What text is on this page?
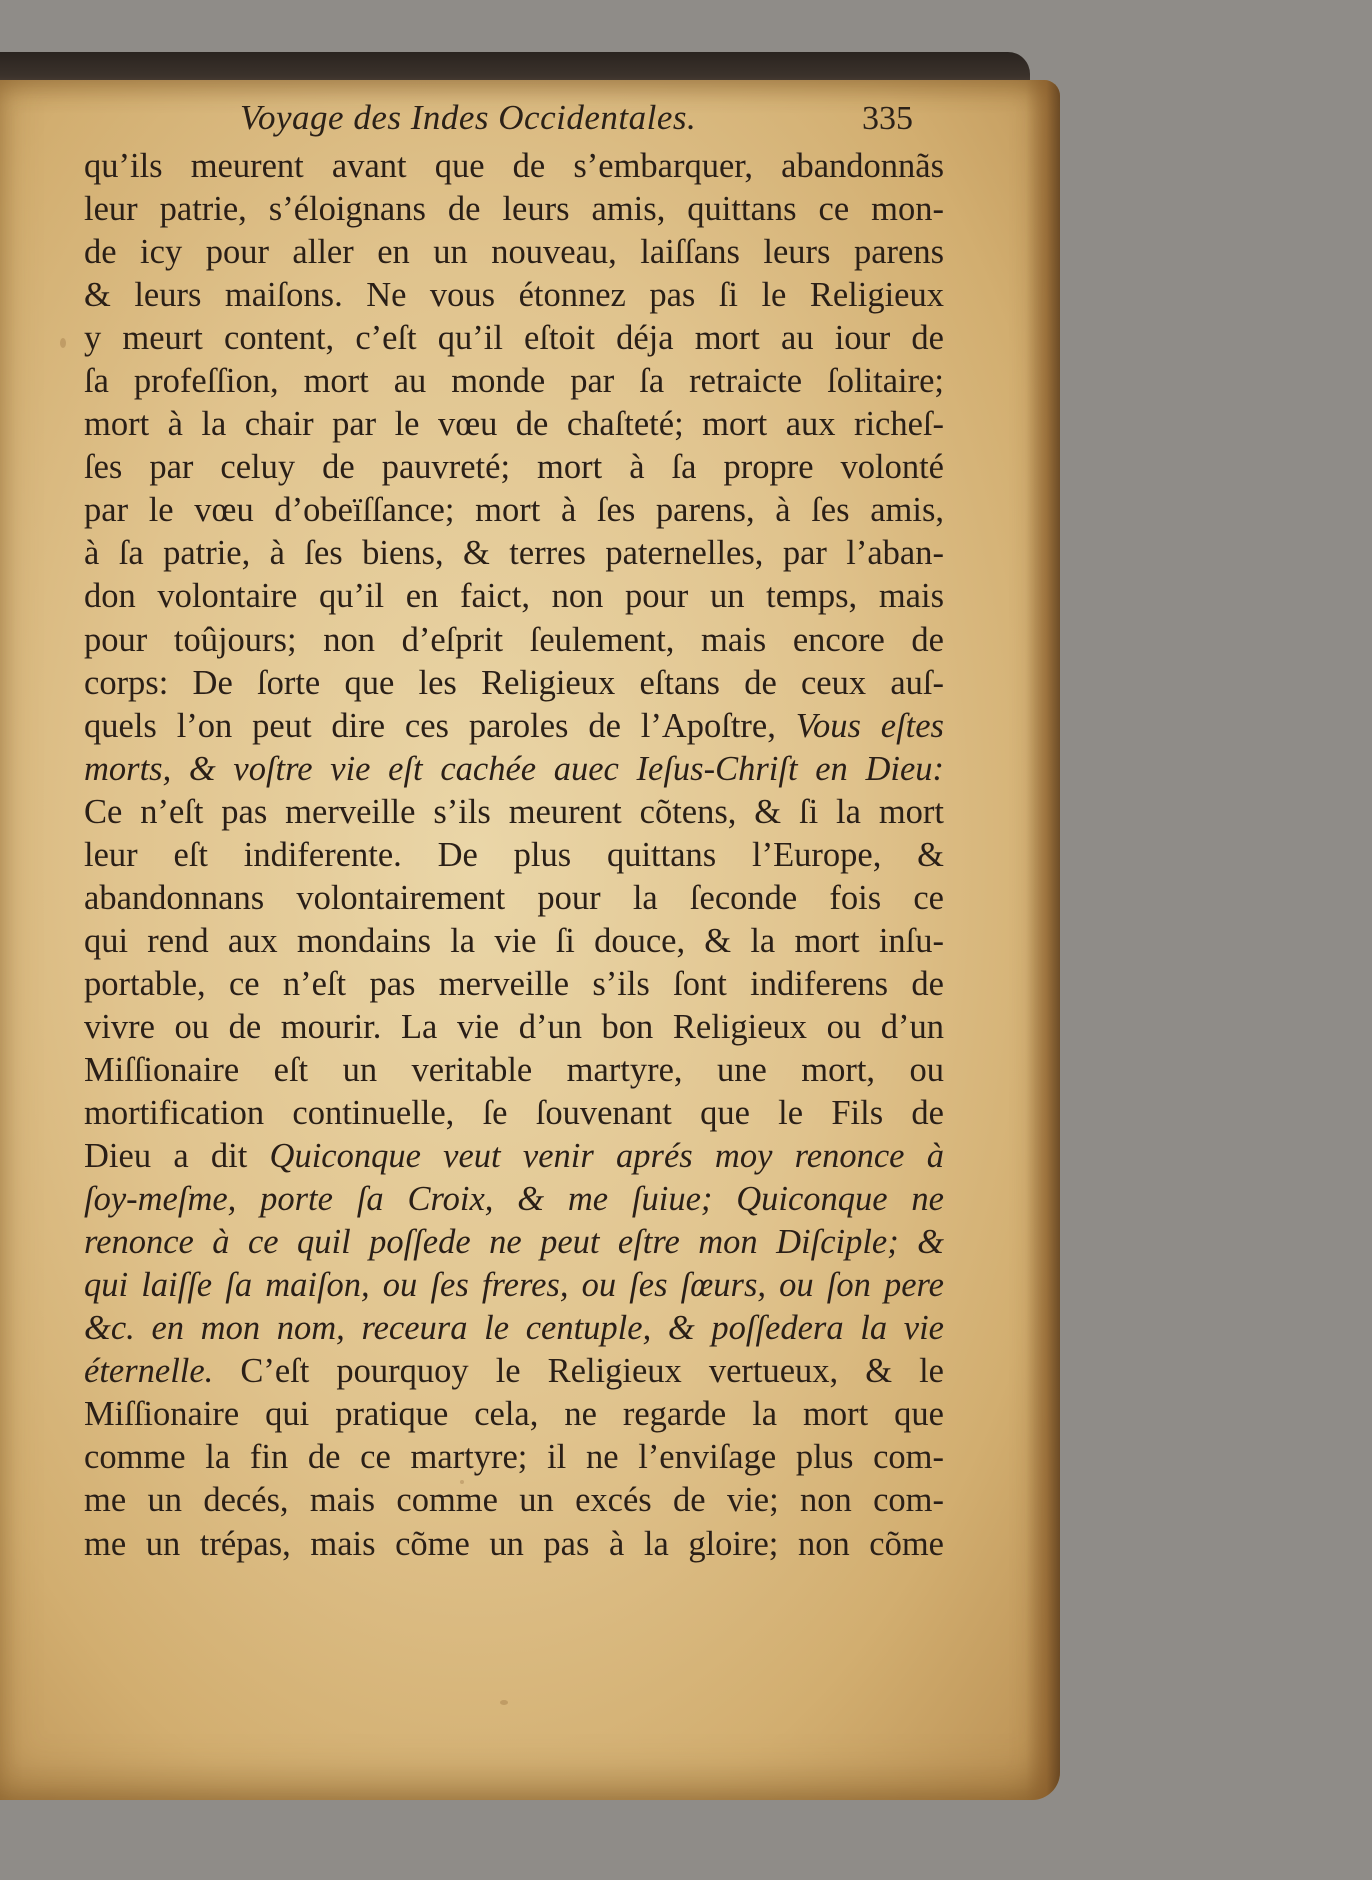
Voyage des Indes Occidentales.	335
qu’ils meurent avant que de s’embarquer, abandonnãs
leur patrie, s’éloignans de leurs amis, quittans ce mon-
de icy pour aller en un nouveau, laiſſans leurs parens
& leurs maiſons. Ne vous étonnez pas ſi le Religieux
y meurt content, c’eſt qu’il eſtoit déja mort au iour de
ſa profeſſion, mort au monde par ſa retraicte ſolitaire;
mort à la chair par le vœu de chaſteté; mort aux richeſ-
ſes par celuy de pauvreté; mort à ſa propre volonté
par le vœu d’obeïſſance; mort à ſes parens, à ſes amis,
à ſa patrie, à ſes biens, & terres paternelles, par l’aban-
don volontaire qu’il en faict, non pour un temps, mais
pour toûjours; non d’eſprit ſeulement, mais encore de
corps: De ſorte que les Religieux eſtans de ceux auſ-
quels l’on peut dire ces paroles de l’Apoſtre, Vous eſtes
morts, & voſtre vie eſt cachée auec Ieſus-Chriſt en Dieu:
Ce n’eſt pas merveille s’ils meurent cõtens, & ſi la mort
leur eſt indiferente. De plus quittans l’Europe, &
abandonnans volontairement pour la ſeconde fois ce
qui rend aux mondains la vie ſi douce, & la mort inſu-
portable, ce n’eſt pas merveille s’ils ſont indiferens de
vivre ou de mourir. La vie d’un bon Religieux ou d’un
Miſſionaire eſt un veritable martyre, une mort, ou
mortification continuelle, ſe ſouvenant que le Fils de
Dieu a dit Quiconque veut venir aprés moy renonce à
ſoy-meſme, porte ſa Croix, & me ſuiue; Quiconque ne
renonce à ce quil poſſede ne peut eſtre mon Diſciple; &
qui laiſſe ſa maiſon, ou ſes freres, ou ſes ſœurs, ou ſon pere
&c. en mon nom, receura le centuple, & poſſedera la vie
éternelle. C’eſt pourquoy le Religieux vertueux, & le
Miſſionaire qui pratique cela, ne regarde la mort que
comme la fin de ce martyre; il ne l’enviſage plus com-
me un decés, mais comme un excés de vie; non com-
me un trépas, mais cõme un pas à la gloire; non cõme
